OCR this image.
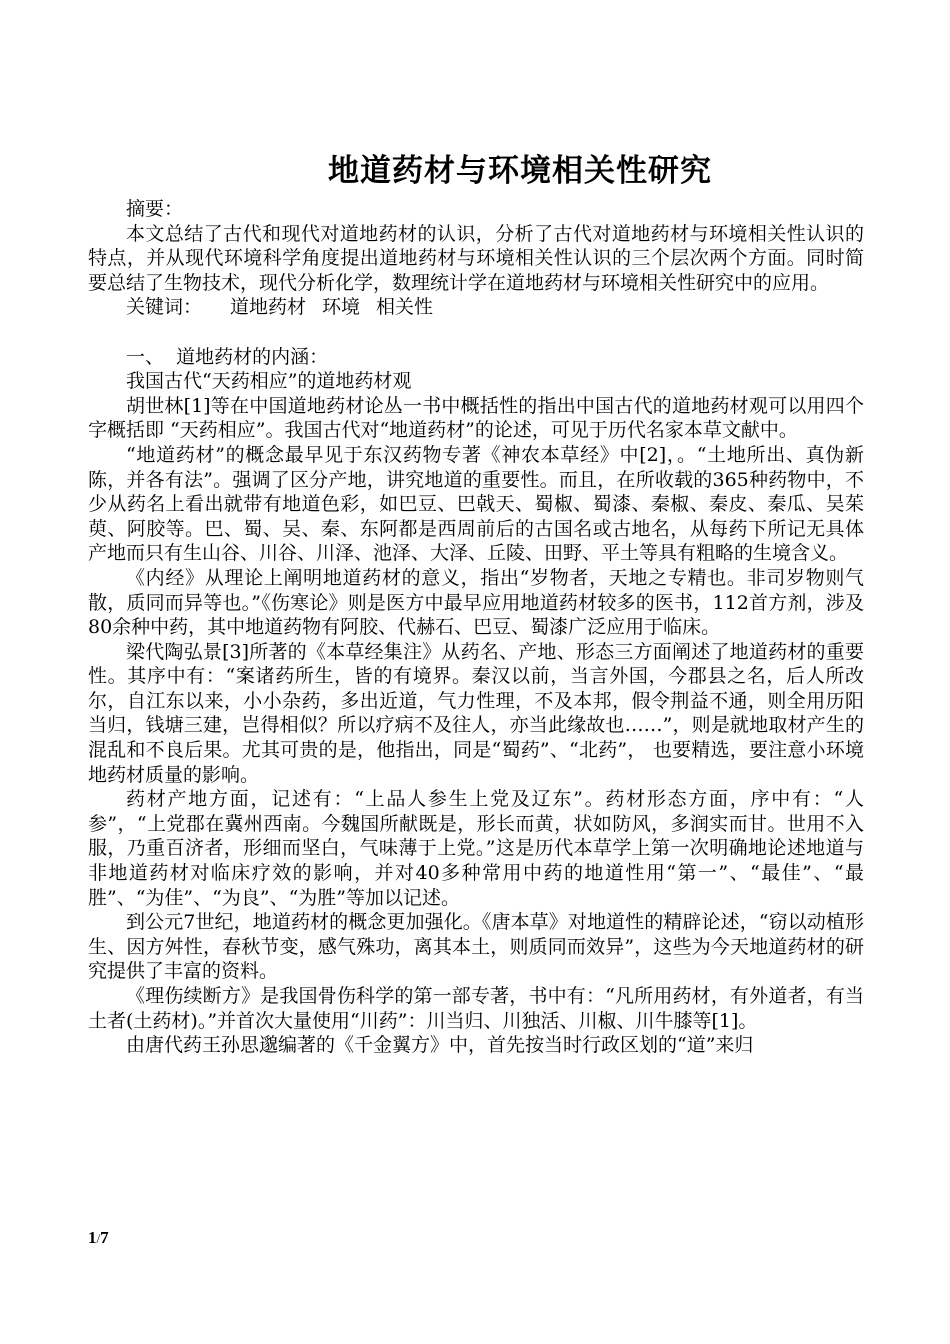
地道药材与环境相关性研究

摘要：

本文总结了古代和现代对道地药材的认识，分析了古代对道地药材与环境相关性认识的特点，并从现代环境科学角度提出道地药材与环境相关性认识的三个层次两个方面。同时简要总结了生物技术，现代分析化学，数理统计学在道地药材与环境相关性研究中的应用。

关键词： 道地药材 环境 相关性

一、  道地药材的内涵：

我国古代“天药相应”的道地药材观

胡世林[1]等在中国道地药材论丛一书中概括性的指出中国古代的道地药材观可以用四个字概括即 “天药相应”。我国古代对“地道药材”的论述，可见于历代名家本草文献中。

“地道药材”的概念最早见于东汉药物专著《神农本草经》中[2]，。“土地所出、真伪新陈，并各有法”。强调了区分产地，讲究地道的重要性。而且，在所收载的365种药物中，不少从药名上看出就带有地道色彩，如巴豆、巴戟天、蜀椒、蜀漆、秦椒、秦皮、秦瓜、吴茱萸、阿胶等。巴、蜀、吴、秦、东阿都是西周前后的古国名或古地名，从每药下所记无具体产地而只有生山谷、川谷、川泽、池泽、大泽、丘陵、田野、平土等具有粗略的生境含义。

《内经》从理论上阐明地道药材的意义，指出“岁物者，天地之专精也。非司岁物则气散，质同而异等也。”《伤寒论》则是医方中最早应用地道药材较多的医书，112首方剂，涉及80余种中药，其中地道药物有阿胶、代赫石、巴豆、蜀漆广泛应用于临床。

梁代陶弘景[3]所著的《本草经集注》从药名、产地、形态三方面阐述了地道药材的重要性。其序中有：“案诸药所生，皆的有境界。秦汉以前，当言外国，今郡县之名，后人所改尔，自江东以来，小小杂药，多出近道，气力性理，不及本邦，假令荆益不通，则全用历阳当归，钱塘三建，岂得相似？所以疗病不及往人，亦当此缘故也……”，则是就地取材产生的混乱和不良后果。尤其可贵的是，他指出，同是“蜀药”、“北药”， 也要精选，要注意小环境地药材质量的影响。

药材产地方面，记述有：“上品人参生上党及辽东”。药材形态方面，序中有：“人参”，“上党郡在冀州西南。今魏国所献既是，形长而黄，状如防风，多润实而甘。世用不入服，乃重百济者，形细而坚白，气味薄于上党。”这是历代本草学上第一次明确地论述地道与非地道药材对临床疗效的影响，并对40多种常用中药的地道性用“第一”、“最佳”、“最胜”、“为佳”、“为良”、“为胜”等加以记述。

到公元7世纪，地道药材的概念更加强化。《唐本草》对地道性的精辟论述，“窃以动植形生、因方舛性，春秋节变，感气殊功，离其本土，则质同而效异”，这些为今天地道药材的研究提供了丰富的资料。

《理伤续断方》是我国骨伤科学的第一部专著，书中有：“凡所用药材，有外道者，有当土者(土药材)。”并首次大量使用“川药”：川当归、川独活、川椒、川牛膝等[1]。

由唐代药王孙思邈编著的《千金翼方》中，首先按当时行政区划的“道”来归

1/7
